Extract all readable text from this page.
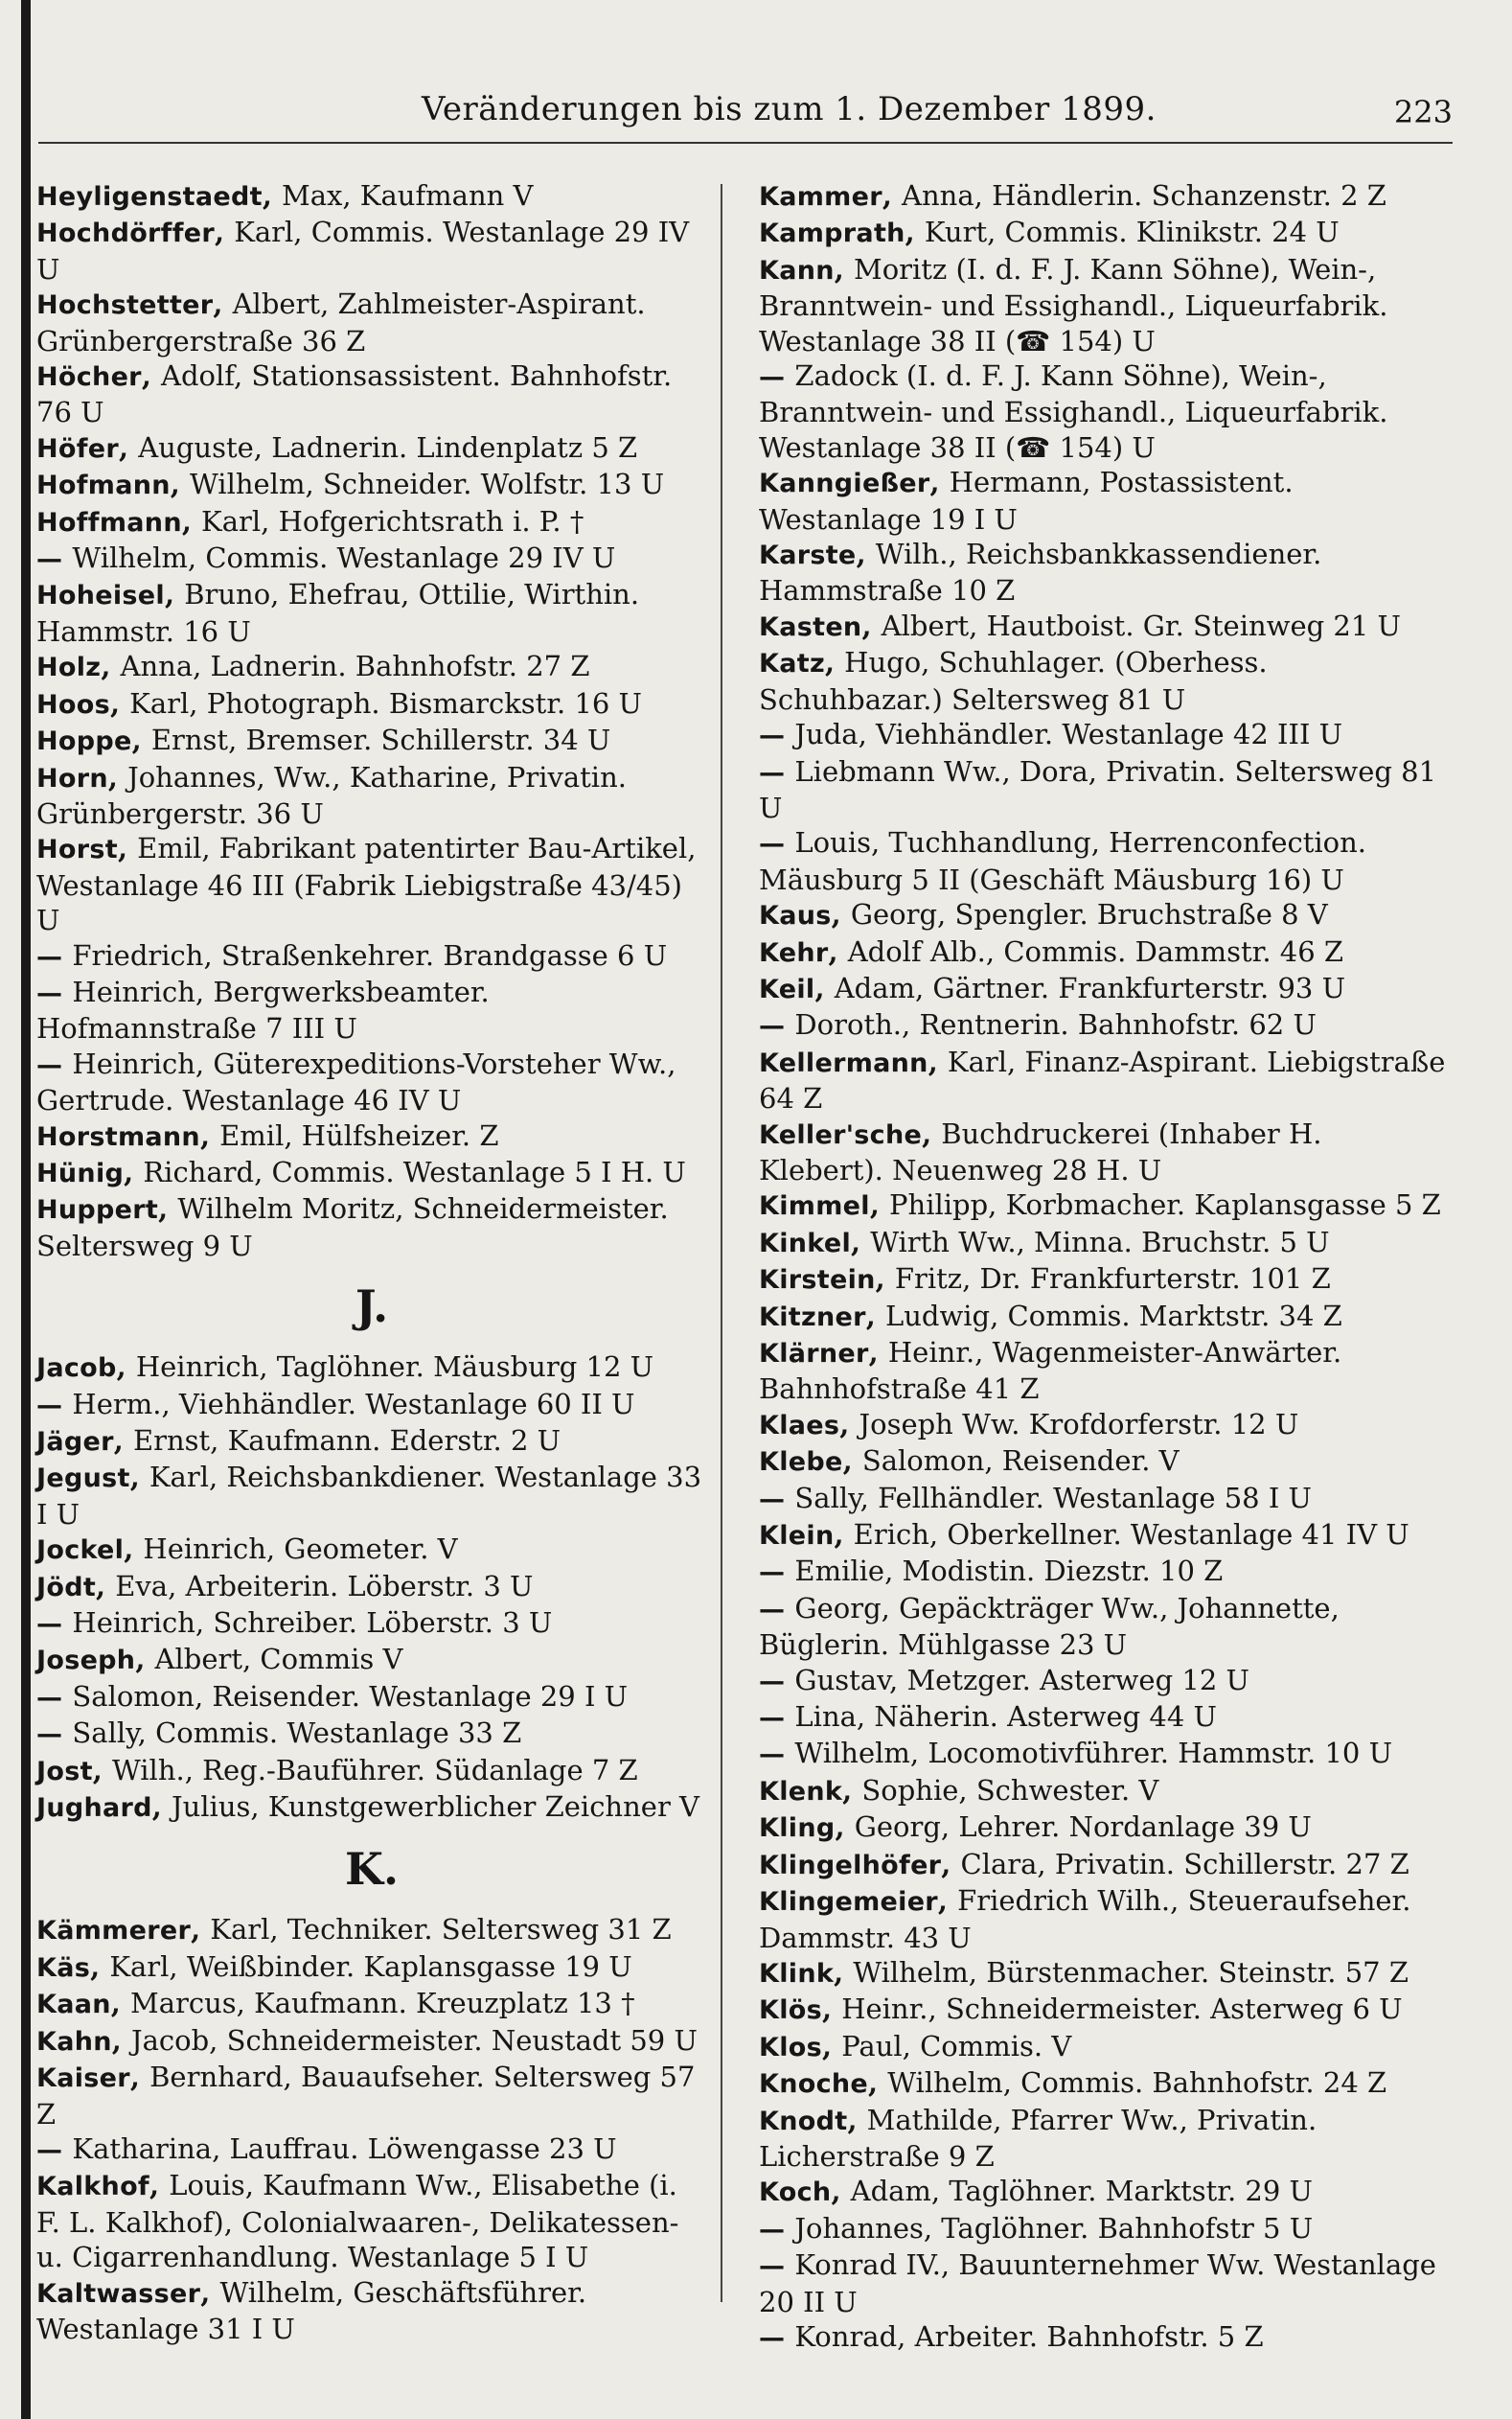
Veränderungen bis zum 1. Dezember 1899.	223

Heyligenstaedt, Max, Kaufmann V

Hochdörffer, Karl, Commis. Westanlage 29 IV U

Hochstetter, Albert, Zahlmeister-Aspirant. Grünbergerstraße 36 Z

Höcher, Adolf, Stationsassistent. Bahnhofstr. 76 U

Höfer, Auguste, Ladnerin. Lindenplatz 5 Z

Hofmann, Wilhelm, Schneider. Wolfstr. 13 U

Hoffmann, Karl, Hofgerichtsrath i. P. †

— Wilhelm, Commis. Westanlage 29 IV U

Hoheisel, Bruno, Ehefrau, Ottilie, Wirthin. Hammstr. 16 U

Holz, Anna, Ladnerin. Bahnhofstr. 27 Z

Hoos, Karl, Photograph. Bismarckstr. 16 U

Hoppe, Ernst, Bremser. Schillerstr. 34 U

Horn, Johannes, Ww., Katharine, Privatin. Grünbergerstr. 36 U

Horst, Emil, Fabrikant patentirter Bau-Artikel, Westanlage 46 III (Fabrik Liebigstraße 43/45) U

— Friedrich, Straßenkehrer. Brandgasse 6 U

— Heinrich, Bergwerksbeamter. Hofmannstraße 7 III U

— Heinrich, Güterexpeditions-Vorsteher Ww., Gertrude. Westanlage 46 IV U

Horstmann, Emil, Hülfsheizer. Z

Hünig, Richard, Commis. Westanlage 5 I H. U

Huppert, Wilhelm Moritz, Schneidermeister. Seltersweg 9 U

J.

Jacob, Heinrich, Taglöhner. Mäusburg 12 U

— Herm., Viehhändler. Westanlage 60 II U

Jäger, Ernst, Kaufmann. Ederstr. 2 U

Jegust, Karl, Reichsbankdiener. Westanlage 33 I U

Jockel, Heinrich, Geometer. V

Jödt, Eva, Arbeiterin. Löberstr. 3 U

— Heinrich, Schreiber. Löberstr. 3 U

Joseph, Albert, Commis V

— Salomon, Reisender. Westanlage 29 I U

— Sally, Commis. Westanlage 33 Z

Jost, Wilh., Reg.-Bauführer. Südanlage 7 Z

Jughard, Julius, Kunstgewerblicher Zeichner V

K.

Kämmerer, Karl, Techniker. Seltersweg 31 Z

Käs, Karl, Weißbinder. Kaplansgasse 19 U

Kaan, Marcus, Kaufmann. Kreuzplatz 13 †

Kahn, Jacob, Schneidermeister. Neustadt 59 U

Kaiser, Bernhard, Bauaufseher. Seltersweg 57 Z

— Katharina, Lauffrau. Löwengasse 23 U

Kalkhof, Louis, Kaufmann Ww., Elisabethe (i. F. L. Kalkhof), Colonialwaaren-, Delikatessen- u. Cigarrenhandlung. Westanlage 5 I U

Kaltwasser, Wilhelm, Geschäftsführer. Westanlage 31 I U

Kammer, Anna, Händlerin. Schanzenstr. 2 Z

Kamprath, Kurt, Commis. Klinikstr. 24 U

Kann, Moritz (I. d. F. J. Kann Söhne), Wein-, Branntwein- und Essighandl., Liqueurfabrik. Westanlage 38 II (☎ 154) U

— Zadock (I. d. F. J. Kann Söhne), Wein-, Branntwein- und Essighandl., Liqueurfabrik. Westanlage 38 II (☎ 154) U

Kanngießer, Hermann, Postassistent. Westanlage 19 I U

Karste, Wilh., Reichsbankkassendiener. Hammstraße 10 Z

Kasten, Albert, Hautboist. Gr. Steinweg 21 U

Katz, Hugo, Schuhlager. (Oberhess. Schuhbazar.) Seltersweg 81 U

— Juda, Viehhändler. Westanlage 42 III U

— Liebmann Ww., Dora, Privatin. Seltersweg 81 U

— Louis, Tuchhandlung, Herrenconfection. Mäusburg 5 II (Geschäft Mäusburg 16) U

Kaus, Georg, Spengler. Bruchstraße 8 V

Kehr, Adolf Alb., Commis. Dammstr. 46 Z

Keil, Adam, Gärtner. Frankfurterstr. 93 U

— Doroth., Rentnerin. Bahnhofstr. 62 U

Kellermann, Karl, Finanz-Aspirant. Liebigstraße 64 Z

Keller'sche, Buchdruckerei (Inhaber H. Klebert). Neuenweg 28 H. U

Kimmel, Philipp, Korbmacher. Kaplansgasse 5 Z

Kinkel, Wirth Ww., Minna. Bruchstr. 5 U

Kirstein, Fritz, Dr. Frankfurterstr. 101 Z

Kitzner, Ludwig, Commis. Marktstr. 34 Z

Klärner, Heinr., Wagenmeister-Anwärter. Bahnhofstraße 41 Z

Klaes, Joseph Ww. Krofdorferstr. 12 U

Klebe, Salomon, Reisender. V

— Sally, Fellhändler. Westanlage 58 I U

Klein, Erich, Oberkellner. Westanlage 41 IV U

— Emilie, Modistin. Diezstr. 10 Z

— Georg, Gepäckträger Ww., Johannette, Büglerin. Mühlgasse 23 U

— Gustav, Metzger. Asterweg 12 U

— Lina, Näherin. Asterweg 44 U

— Wilhelm, Locomotivführer. Hammstr. 10 U

Klenk, Sophie, Schwester. V

Kling, Georg, Lehrer. Nordanlage 39 U

Klingelhöfer, Clara, Privatin. Schillerstr. 27 Z

Klingemeier, Friedrich Wilh., Steueraufseher. Dammstr. 43 U

Klink, Wilhelm, Bürstenmacher. Steinstr. 57 Z

Klös, Heinr., Schneidermeister. Asterweg 6 U

Klos, Paul, Commis. V

Knoche, Wilhelm, Commis. Bahnhofstr. 24 Z

Knodt, Mathilde, Pfarrer Ww., Privatin. Licherstraße 9 Z

Koch, Adam, Taglöhner. Marktstr. 29 U

— Johannes, Taglöhner. Bahnhofstr 5 U

— Konrad IV., Bauunternehmer Ww. Westanlage 20 II U

— Konrad, Arbeiter. Bahnhofstr. 5 Z
